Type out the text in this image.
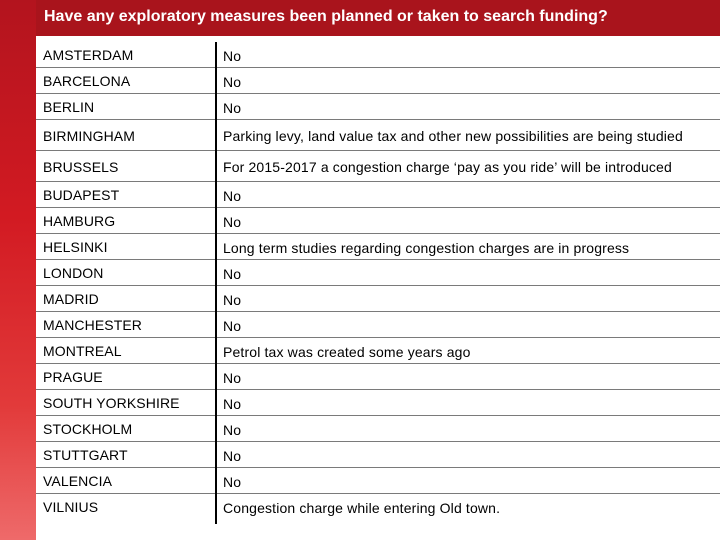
Have any exploratory measures been planned or taken to search funding?
AMSTERDAM	No
BARCELONA	No
BERLIN	No
BIRMINGHAM	Parking levy, land value tax and other new possibilities are being studied
BRUSSELS	For 2015-2017 a congestion charge ‘pay as you ride’ will be introduced
BUDAPEST	No
HAMBURG	No
HELSINKI	Long term studies regarding congestion charges are in progress
LONDON	No
MADRID	No
MANCHESTER	No
MONTREAL	Petrol tax was created some years ago
PRAGUE	No
SOUTH YORKSHIRE	No
STOCKHOLM	No
STUTTGART	No
VALENCIA	No
VILNIUS	Congestion charge while entering Old town.
